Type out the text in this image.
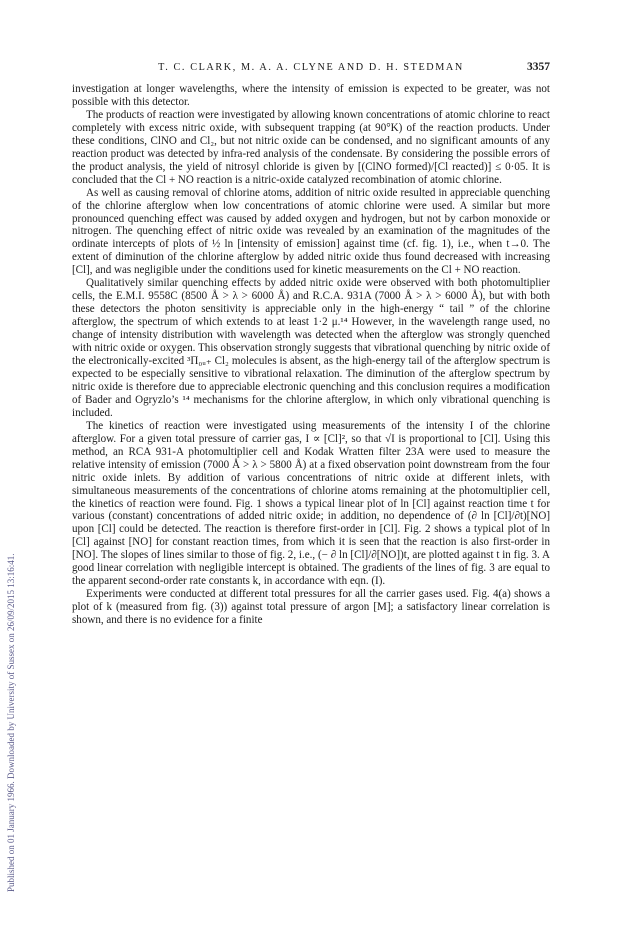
T. C. CLARK, M. A. A. CLYNE AND D. H. STEDMAN	3357
Published on 01 January 1966. Downloaded by University of Sussex on 26/09/2015 13:16:41.

investigation at longer wavelengths, where the intensity of emission is expected to be greater, was not possible with this detector.

The products of reaction were investigated by allowing known concentrations of atomic chlorine to react completely with excess nitric oxide, with subsequent trapping (at 90°K) of the reaction products. Under these conditions, ClNO and Cl₂, but not nitric oxide can be condensed, and no significant amounts of any reaction product was detected by infra-red analysis of the condensate. By considering the possible errors of the product analysis, the yield of nitrosyl chloride is given by [(ClNO formed)/[Cl reacted)] ≤ 0·05. It is concluded that the Cl + NO reaction is a nitric-oxide catalyzed recombination of atomic chlorine.

As well as causing removal of chlorine atoms, addition of nitric oxide resulted in appreciable quenching of the chlorine afterglow when low concentrations of atomic chlorine were used. A similar but more pronounced quenching effect was caused by added oxygen and hydrogen, but not by carbon monoxide or nitrogen. The quenching effect of nitric oxide was revealed by an examination of the magnitudes of the ordinate intercepts of plots of ½ ln [intensity of emission] against time (cf. fig. 1), i.e., when t→0. The extent of diminution of the chlorine afterglow by added nitric oxide thus found decreased with increasing [Cl], and was negligible under the conditions used for kinetic measurements on the Cl + NO reaction.

Qualitatively similar quenching effects by added nitric oxide were observed with both photomultiplier cells, the E.M.I. 9558C (8500 Å > λ > 6000 Å) and R.C.A. 931A (7000 Å > λ > 6000 Å), but with both these detectors the photon sensitivity is appreciable only in the high-energy “ tail ” of the chlorine afterglow, the spectrum of which extends to at least 1·2 μ.¹⁴ However, in the wavelength range used, no change of intensity distribution with wavelength was detected when the afterglow was strongly quenched with nitric oxide or oxygen. This observation strongly suggests that vibrational quenching by nitric oxide of the electronically-excited ³Π₀ᵤ₊ Cl₂ molecules is absent, as the high-energy tail of the afterglow spectrum is expected to be especially sensitive to vibrational relaxation. The diminution of the afterglow spectrum by nitric oxide is therefore due to appreciable electronic quenching and this conclusion requires a modification of Bader and Ogryzlo’s ¹⁴ mechanisms for the chlorine afterglow, in which only vibrational quenching is included.

The kinetics of reaction were investigated using measurements of the intensity I of the chlorine afterglow. For a given total pressure of carrier gas, I ∝ [Cl]², so that √I is proportional to [Cl]. Using this method, an RCA 931-A photomultiplier cell and Kodak Wratten filter 23A were used to measure the relative intensity of emission (7000 Å > λ > 5800 Å) at a fixed observation point downstream from the four nitric oxide inlets. By addition of various concentrations of nitric oxide at different inlets, with simultaneous measurements of the concentrations of chlorine atoms remaining at the photomultiplier cell, the kinetics of reaction were found. Fig. 1 shows a typical linear plot of ln [Cl] against reaction time t for various (constant) concentrations of added nitric oxide; in addition, no dependence of (∂ ln [Cl]/∂t)[NO] upon [Cl] could be detected. The reaction is therefore first-order in [Cl]. Fig. 2 shows a typical plot of ln [Cl] against [NO] for constant reaction times, from which it is seen that the reaction is also first-order in [NO]. The slopes of lines similar to those of fig. 2, i.e., (− ∂ ln [Cl]/∂[NO])t, are plotted against t in fig. 3. A good linear correlation with negligible intercept is obtained. The gradients of the lines of fig. 3 are equal to the apparent second-order rate constants k, in accordance with eqn. (I).

Experiments were conducted at different total pressures for all the carrier gases used. Fig. 4(a) shows a plot of k (measured from fig. (3)) against total pressure of argon [M]; a satisfactory linear correlation is shown, and there is no evidence for a finite
